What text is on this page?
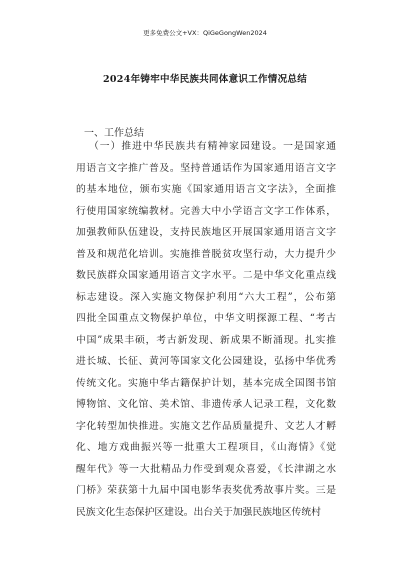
更多免费公文+VX：QiGeGongWen2024
2024年铸牢中华民族共同体意识工作情况总结
一、工作总结
（一）推进中华民族共有精神家园建设。一是国家通
用语言文字推广普及。坚持普通话作为国家通用语言文字
的基本地位，颁布实施《国家通用语言文字法》，全面推
行使用国家统编教材。完善大中小学语言文字工作体系，
加强教师队伍建设，支持民族地区开展国家通用语言文字
普及和规范化培训。实施推普脱贫攻坚行动，大力提升少
数民族群众国家通用语言文字水平。二是中华文化重点线
标志建设。深入实施文物保护利用“六大工程”，公布第
四批全国重点文物保护单位，中华文明探源工程、“考古
中国”成果丰硕，考古新发现、新成果不断涌现。扎实推
进长城、长征、黄河等国家文化公园建设，弘扬中华优秀
传统文化。实施中华古籍保护计划，基本完成全国图书馆
博物馆、文化馆、美术馆、非遗传承人记录工程，文化数
字化转型加快推进。实施文艺作品质量提升、文艺人才孵
化、地方戏曲振兴等一批重大工程项目，《山海情》《觉
醒年代》等一大批精品力作受到观众喜爱，《长津湖之水
门桥》荣获第十九届中国电影华表奖优秀故事片奖。三是
民族文化生态保护区建设。出台关于加强民族地区传统村
